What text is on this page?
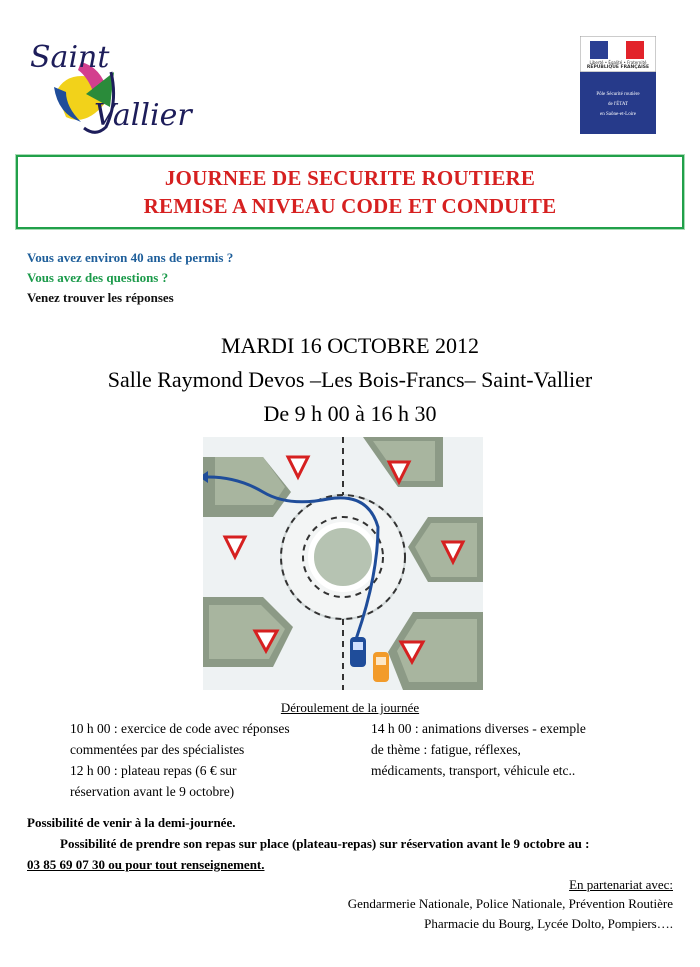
Saint
Vallier
Liberté • Égalité • Fraternité
RÉPUBLIQUE FRANÇAISE
Pôle Sécurité routière
de l'ÉTAT
en Saône-et-Loire
JOURNEE DE SECURITE ROUTIERE
REMISE A NIVEAU CODE ET CONDUITE
Vous avez environ 40 ans de permis ?
Vous avez des questions ?
Venez trouver les réponses
MARDI 16 OCTOBRE 2012
Salle Raymond Devos –Les Bois-Francs– Saint-Vallier
De 9 h 00 à 16 h 30
Déroulement de la journée
10 h 00 : exercice de code avec réponses
commentées par des spécialistes
12 h 00 : plateau repas (6 € sur
réservation avant le 9 octobre)
14 h 00 : animations diverses - exemple
de thème : fatigue, réflexes,
médicaments, transport, véhicule etc..
Possibilité de venir à la demi-journée.
Possibilité de prendre son repas sur place (plateau-repas) sur réservation avant le 9 octobre au :
03 85 69 07 30 ou pour tout renseignement.
En partenariat avec:
Gendarmerie Nationale, Police Nationale, Prévention Routière
Pharmacie du Bourg, Lycée Dolto, Pompiers….
